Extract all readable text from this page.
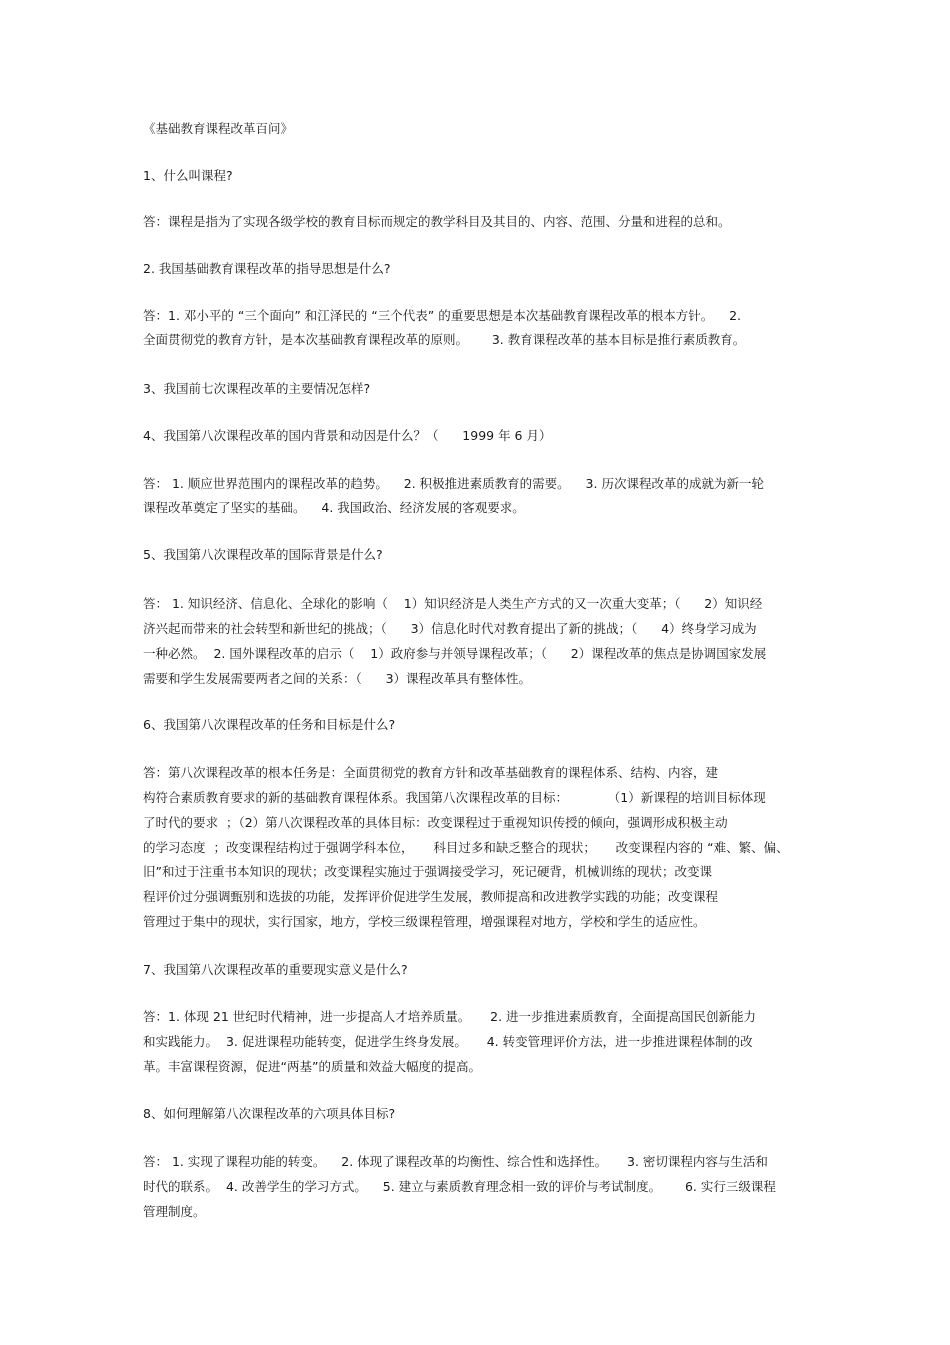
《基础教育课程改革百问》

1、什么叫课程?

答：课程是指为了实现各级学校的教育目标而规定的教学科目及其目的、内容、范围、分量和进程的总和。

2. 我国基础教育课程改革的指导思想是什么?

答：1. 邓小平的 “三个面向” 和江泽民的 “三个代表” 的重要思想是本次基础教育课程改革的根本方针。    2.

全面贯彻党的教育方针，是本次基础教育课程改革的原则。      3. 教育课程改革的基本目标是推行素质教育。

3、我国前七次课程改革的主要情况怎样?

4、我国第八次课程改革的国内背景和动因是什么？（      1999 年 6 月）

答： 1. 顺应世界范围内的课程改革的趋势。    2. 积极推进素质教育的需要。    3. 历次课程改革的成就为新一轮

课程改革奠定了坚实的基础。    4. 我国政治、经济发展的客观要求。

5、我国第八次课程改革的国际背景是什么?

答： 1. 知识经济、信息化、全球化的影响（    1）知识经济是人类生产方式的又一次重大变革；（      2）知识经

济兴起而带来的社会转型和新世纪的挑战；（      3）信息化时代对教育提出了新的挑战；（      4）终身学习成为

一种必然。  2. 国外课程改革的启示（    1）政府参与并领导课程改革；（      2）课程改革的焦点是协调国家发展

需要和学生发展需要两者之间的关系：（      3）课程改革具有整体性。

6、我国第八次课程改革的任务和目标是什么?

答：第八次课程改革的根本任务是：全面贯彻党的教育方针和改革基础教育的课程体系、结构、内容，建

构符合素质教育要求的新的基础教育课程体系。我国第八次课程改革的目标：          （1）新课程的培训目标体现

了时代的要求  ；（2）第八次课程改革的具体目标：改变课程过于重视知识传授的倾向，强调形成积极主动

的学习态度  ；改变课程结构过于强调学科本位，     科目过多和缺乏整合的现状；     改变课程内容的 “难、繁、偏、

旧”和过于注重书本知识的现状；改变课程实施过于强调接受学习，死记硬背，机械训练的现状；改变课

程评价过分强调甄别和选拔的功能，发挥评价促进学生发展，教师提高和改进教学实践的功能；改变课程

管理过于集中的现状，实行国家，地方，学校三级课程管理，增强课程对地方，学校和学生的适应性。

7、我国第八次课程改革的重要现实意义是什么?

答：1. 体现 21 世纪时代精神，进一步提高人才培养质量。     2. 进一步推进素质教育，全面提高国民创新能力

和实践能力。  3. 促进课程功能转变，促进学生终身发展。     4. 转变管理评价方法，进一步推进课程体制的改

革。丰富课程资源，促进“两基”的质量和效益大幅度的提高。

8、如何理解第八次课程改革的六项具体目标?

答： 1. 实现了课程功能的转变。    2. 体现了课程改革的均衡性、综合性和选择性。     3. 密切课程内容与生活和

时代的联系。  4. 改善学生的学习方式。    5. 建立与素质教育理念相一致的评价与考试制度。      6. 实行三级课程

管理制度。
